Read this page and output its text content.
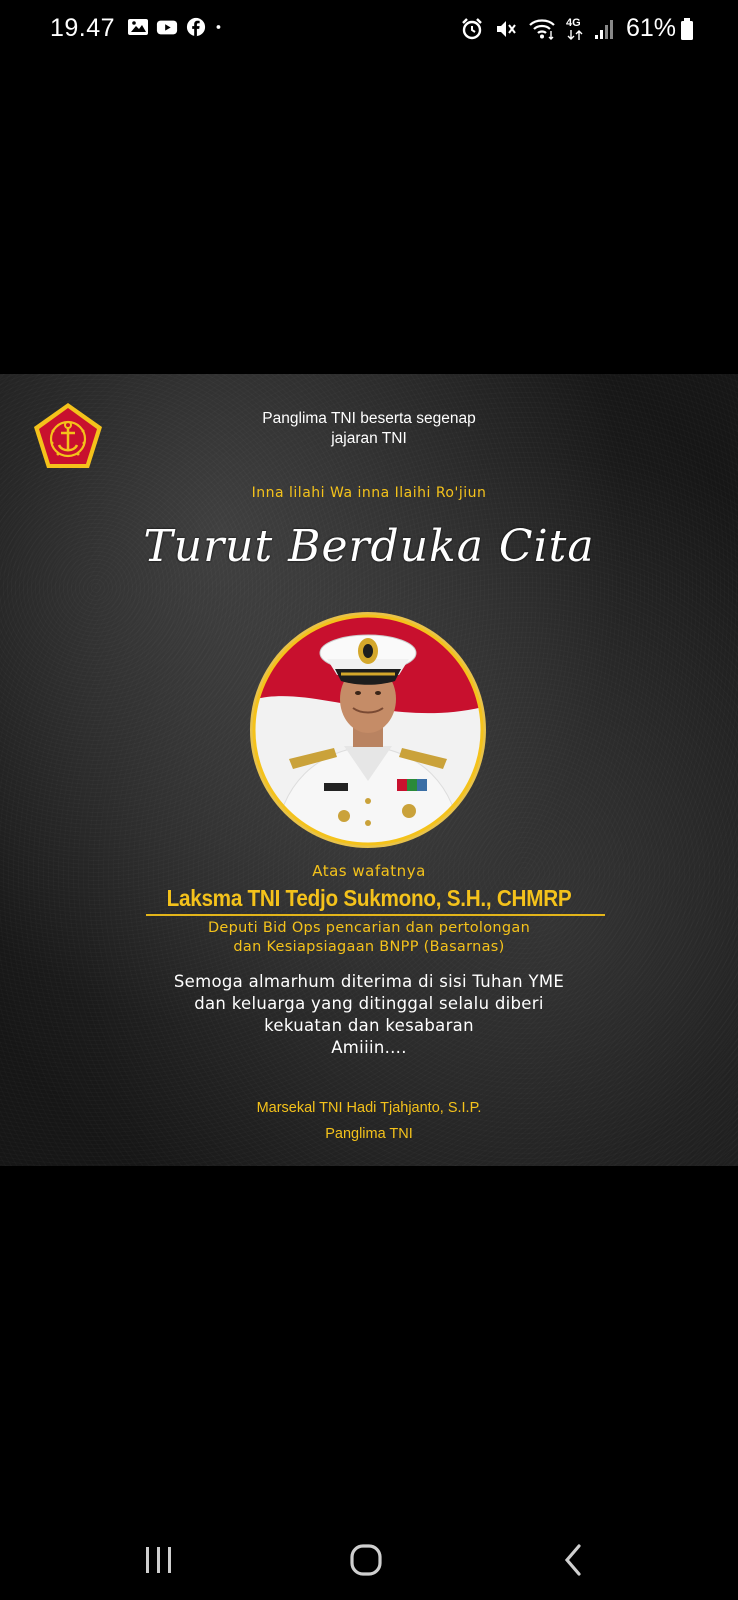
19.47	4G 61%
Panglima TNI beserta segenap
jajaran TNI
Inna lilahi Wa inna Ilaihi Ro'jiun
Turut Berduka Cita
Atas wafatnya
Laksma TNI Tedjo Sukmono, S.H., CHMRP
Deputi Bid Ops pencarian dan pertolongan
dan Kesiapsiagaan BNPP (Basarnas)
Semoga almarhum diterima di sisi Tuhan YME
dan keluarga yang ditinggal selalu diberi
kekuatan dan kesabaran
Amiiin....
Marsekal TNI Hadi Tjahjanto, S.I.P.
Panglima TNI
